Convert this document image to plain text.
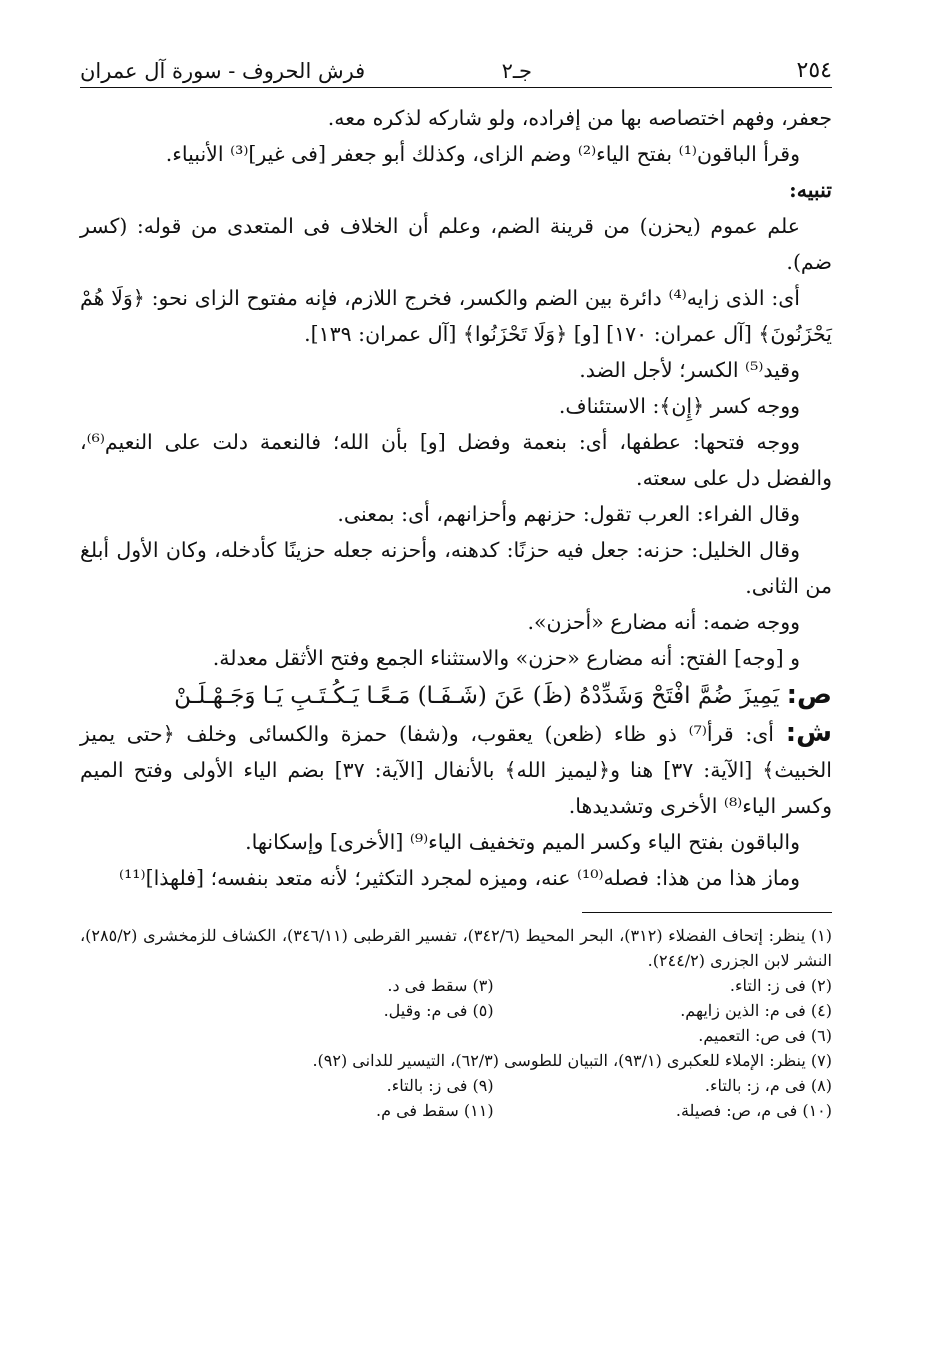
٢٥٤
جـ٢
فرش الحروف - سورة آل عمران

جعفر، وفهم اختصاصه بها من إفراده، ولو شاركه لذكره معه.

وقرأ الباقون⁽¹⁾ بفتح الياء⁽²⁾ وضم الزاى، وكذلك أبو جعفر [فى غير]⁽³⁾ الأنبياء.

تنبيه:

علم عموم (يحزن) من قرينة الضم، وعلم أن الخلاف فى المتعدى من قوله: (كسر ضم).

أى: الذى زايه⁽⁴⁾ دائرة بين الضم والكسر، فخرج اللازم، فإنه مفتوح الزاى نحو: ﴿وَلَا هُمْ يَحْزَنُونَ﴾ [آل عمران: ١٧٠] [و] ﴿وَلَا تَحْزَنُوا﴾ [آل عمران: ١٣٩].

وقيد⁽⁵⁾ الكسر؛ لأجل الضد.

ووجه كسر ﴿إِن﴾: الاستئناف.

ووجه فتحها: عطفها، أى: بنعمة وفضل [و] بأن الله؛ فالنعمة دلت على النعيم⁽⁶⁾، والفضل دل على سعته.

وقال الفراء: العرب تقول: حزنهم وأحزانهم، أى: بمعنى.

وقال الخليل: حزنه: جعل فيه حزنًا: كدهنه، وأحزنه جعله حزينًا كأدخله، وكان الأول أبلغ من الثانى.

ووجه ضمه: أنه مضارع «أحزن».

و [وجه] الفتح: أنه مضارع «حزن» والاستثناء الجمع وفتح الأثقل معدلة.

ص: يَمِيزَ ضُمَّ افْتَحْ وَشَدِّدْهُ (ظَ) عَنَ (شَـفَـا) مَـعًـا يَـكُـتَـبِ يَـا وَجَـهْـلَـنْ

ش: أى: قرأ⁽⁷⁾ ذو ظاء (ظعن) يعقوب، و(شفا) حمزة والكسائى وخلف ﴿حتى يميز الخبيث﴾ [الآية: ٣٧] هنا و﴿ليميز الله﴾ بالأنفال [الآية: ٣٧] بضم الياء الأولى وفتح الميم وكسر الياء⁽⁸⁾ الأخرى وتشديدها.

والباقون بفتح الياء وكسر الميم وتخفيف الياء⁽⁹⁾ [الأخرى] وإسكانها.

وماز هذا من هذا: فصله⁽¹⁰⁾ عنه، وميزه لمجرد التكثير؛ لأنه متعد بنفسه؛ [فلهذا]⁽¹¹⁾

(١) ينظر: إتحاف الفضلاء (٣١٢)، البحر المحيط (٣٤٢/٦)، تفسير القرطبى (٣٤٦/١١)، الكشاف للزمخشرى (٢٨٥/٢)، النشر لابن الجزرى (٢٤٤/٢).

(٢) فى ز: التاء.

(٣) سقط فى د.

(٤) فى م: الذين زايهم.

(٥) فى م: وقيل.

(٦) فى ص: التعميم.

(٧) ينظر: الإملاء للعكبرى (٩٣/١)، التبيان للطوسى (٦٢/٣)، التيسير للدانى (٩٢).

(٨) فى م، ز: بالتاء.

(٩) فى ز: بالتاء.

(١٠) فى م، ص: فصيلة.

(١١) سقط فى م.
